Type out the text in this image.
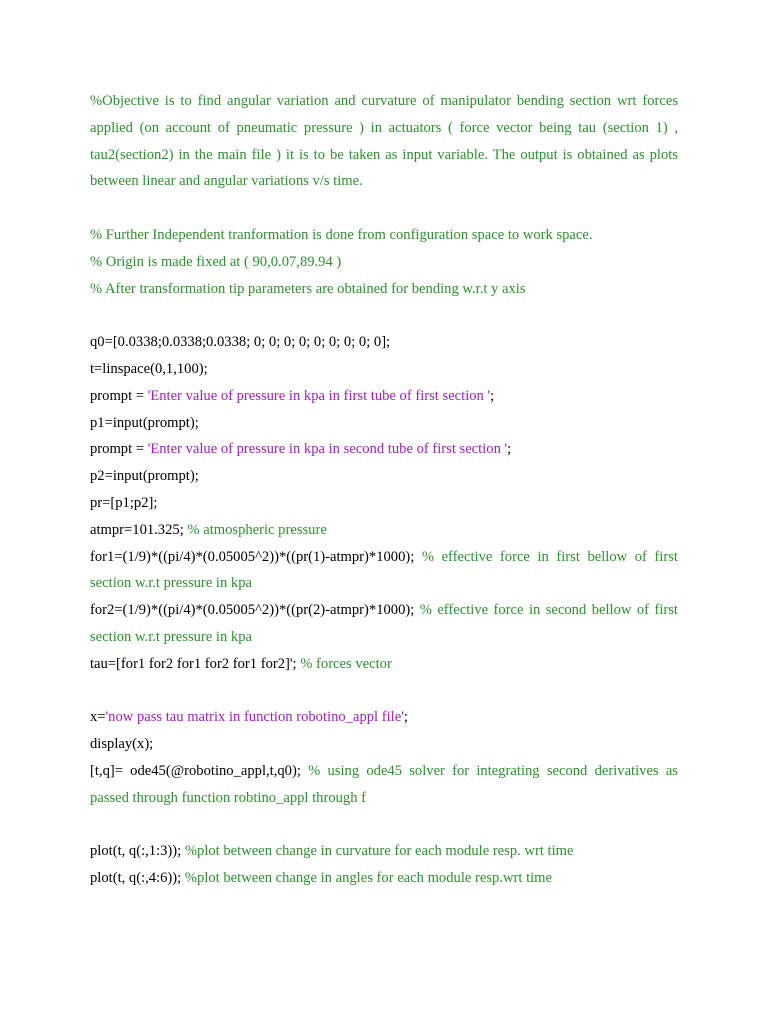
%Objective is to find angular variation and curvature of manipulator bending section wrt forces applied (on account of pneumatic pressure ) in actuators ( force vector being tau (section 1) , tau2(section2) in the main file ) it is to be taken as input variable. The output is obtained as plots between linear and angular variations v/s time.
% Further Independent tranformation is done from configuration space to work space.
% Origin is made fixed at ( 90,0.07,89.94 )
% After transformation tip parameters are obtained for bending w.r.t y axis
q0=[0.0338;0.0338;0.0338; 0; 0; 0; 0; 0; 0; 0; 0; 0];
t=linspace(0,1,100);
prompt = 'Enter value of pressure in kpa in first tube of first section ';
p1=input(prompt);
prompt = 'Enter value of pressure in kpa in second tube of first section ';
p2=input(prompt);
pr=[p1;p2];
atmpr=101.325; % atmospheric pressure
for1=(1/9)*((pi/4)*(0.05005^2))*((pr(1)-atmpr)*1000); % effective force in first bellow of first section w.r.t pressure in kpa
for2=(1/9)*((pi/4)*(0.05005^2))*((pr(2)-atmpr)*1000); % effective force in second bellow of first section w.r.t pressure in kpa
tau=[for1 for2 for1 for2 for1 for2]'; % forces vector
x='now pass tau matrix in function robotino_appl file';
display(x);
[t,q]= ode45(@robotino_appl,t,q0); % using ode45 solver for integrating second derivatives as passed through function robtino_appl through f
plot(t, q(:,1:3)); %plot between change in curvature for each module resp. wrt time
plot(t, q(:,4:6)); %plot between change in angles for each module resp.wrt time
